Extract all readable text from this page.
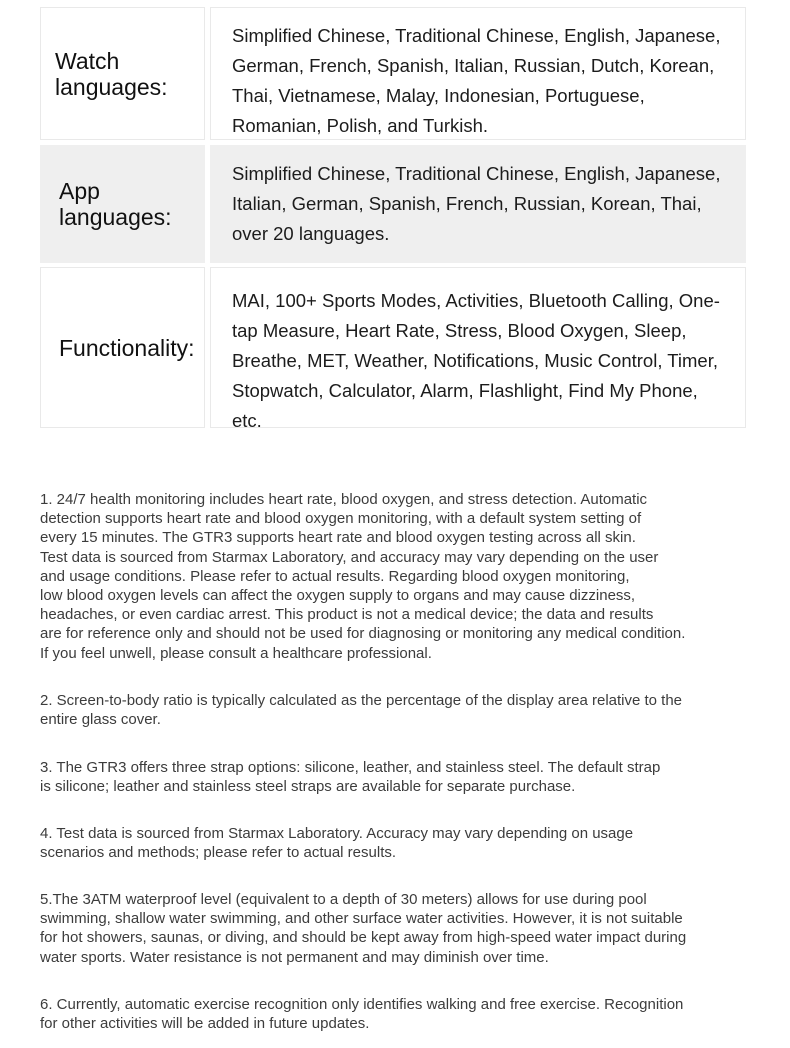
Watch
languages:
Simplified Chinese, Traditional Chinese, English, Japanese, German, French, Spanish, Italian, Russian, Dutch, Korean, Thai, Vietnamese, Malay, Indonesian, Portuguese, Romanian, Polish, and Turkish.
App
languages:
Simplified Chinese, Traditional Chinese, English, Japanese, Italian, German, Spanish, French, Russian, Korean, Thai, over 20 languages.
Functionality:
MAI, 100+ Sports Modes, Activities, Bluetooth Calling, One-tap Measure, Heart Rate, Stress, Blood Oxygen, Sleep, Breathe, MET, Weather, Notifications, Music Control, Timer, Stopwatch, Calculator, Alarm, Flashlight, Find My Phone, etc.

1. 24/7 health monitoring includes heart rate, blood oxygen, and stress detection. Automatic
detection supports heart rate and blood oxygen monitoring, with a default system setting of
every 15 minutes. The GTR3 supports heart rate and blood oxygen testing across all skin.
Test data is sourced from Starmax Laboratory, and accuracy may vary depending on the user
and usage conditions. Please refer to actual results. Regarding blood oxygen monitoring,
low blood oxygen levels can affect the oxygen supply to organs and may cause dizziness,
headaches, or even cardiac arrest. This product is not a medical device; the data and results
are for reference only and should not be used for diagnosing or monitoring any medical condition.
If you feel unwell, please consult a healthcare professional.

2. Screen-to-body ratio is typically calculated as the percentage of the display area relative to the
entire glass cover.

3. The GTR3 offers three strap options: silicone, leather, and stainless steel. The default strap
is silicone; leather and stainless steel straps are available for separate purchase.

4. Test data is sourced from Starmax Laboratory. Accuracy may vary depending on usage
scenarios and methods; please refer to actual results.

5.The 3ATM waterproof level (equivalent to a depth of 30 meters) allows for use during pool
swimming, shallow water swimming, and other surface water activities. However, it is not suitable
for hot showers, saunas, or diving, and should be kept away from high-speed water impact during
water sports. Water resistance is not permanent and may diminish over time.

6. Currently, automatic exercise recognition only identifies walking and free exercise. Recognition
for other activities will be added in future updates.
